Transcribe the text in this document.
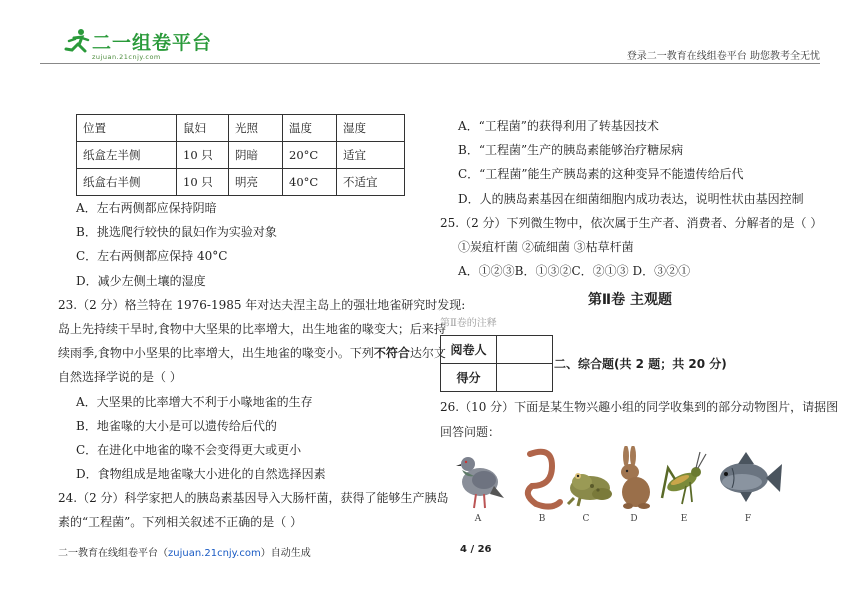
二一组卷平台
zujuan.21cnjy.com	登录二一教育在线组卷平台 助您教考全无忧
位置	鼠妇	光照	温度	湿度
纸盒左半侧	10 只	阴暗	20°C	适宜
纸盒右半侧	10 只	明亮	40°C	不适宜
A．左右两侧都应保持阴暗
B．挑选爬行较快的鼠妇作为实验对象
C．左右两侧都应保持 40°C
D．减少左侧土壤的湿度
23.（2 分）格兰特在 1976-1985 年对达夫涅主岛上的强壮地雀研究时发现:
岛上先持续干旱时,食物中大坚果的比率增大，出生地雀的喙变大；后来持
续雨季,食物中小坚果的比率增大，出生地雀的喙变小。下列不符合达尔文
自然选择学说的是（ ）
A．大坚果的比率增大不利于小喙地雀的生存
B．地雀喙的大小是可以遗传给后代的
C．在进化中地雀的喙不会变得更大或更小
D．食物组成是地雀喙大小进化的自然选择因素
24.（2 分）科学家把人的胰岛素基因导入大肠杆菌，获得了能够生产胰岛
素的“工程菌”。下列相关叙述不正确的是（ ）
A．“工程菌”的获得利用了转基因技术
B．“工程菌”生产的胰岛素能够治疗糖尿病
C．“工程菌”能生产胰岛素的这种变异不能遗传给后代
D．人的胰岛素基因在细菌细胞内成功表达，说明性状由基因控制
25.（2 分）下列微生物中，依次属于生产者、消费者、分解者的是（ ）
①炭疽杆菌 ②硫细菌 ③枯草杆菌
A．①②③B．①③②C．②①③ D．③②①
第Ⅱ卷 主观题
第Ⅱ卷的注释
阅卷人	
得分	
二、综合题(共 2 题；共 20 分)
26.（10 分）下面是某生物兴趣小组的同学收集到的部分动物图片，请据图
回答问题：
A	B	C	D	E	F
二一教育在线组卷平台（zujuan.21cnjy.com）自动生成	4 / 26
